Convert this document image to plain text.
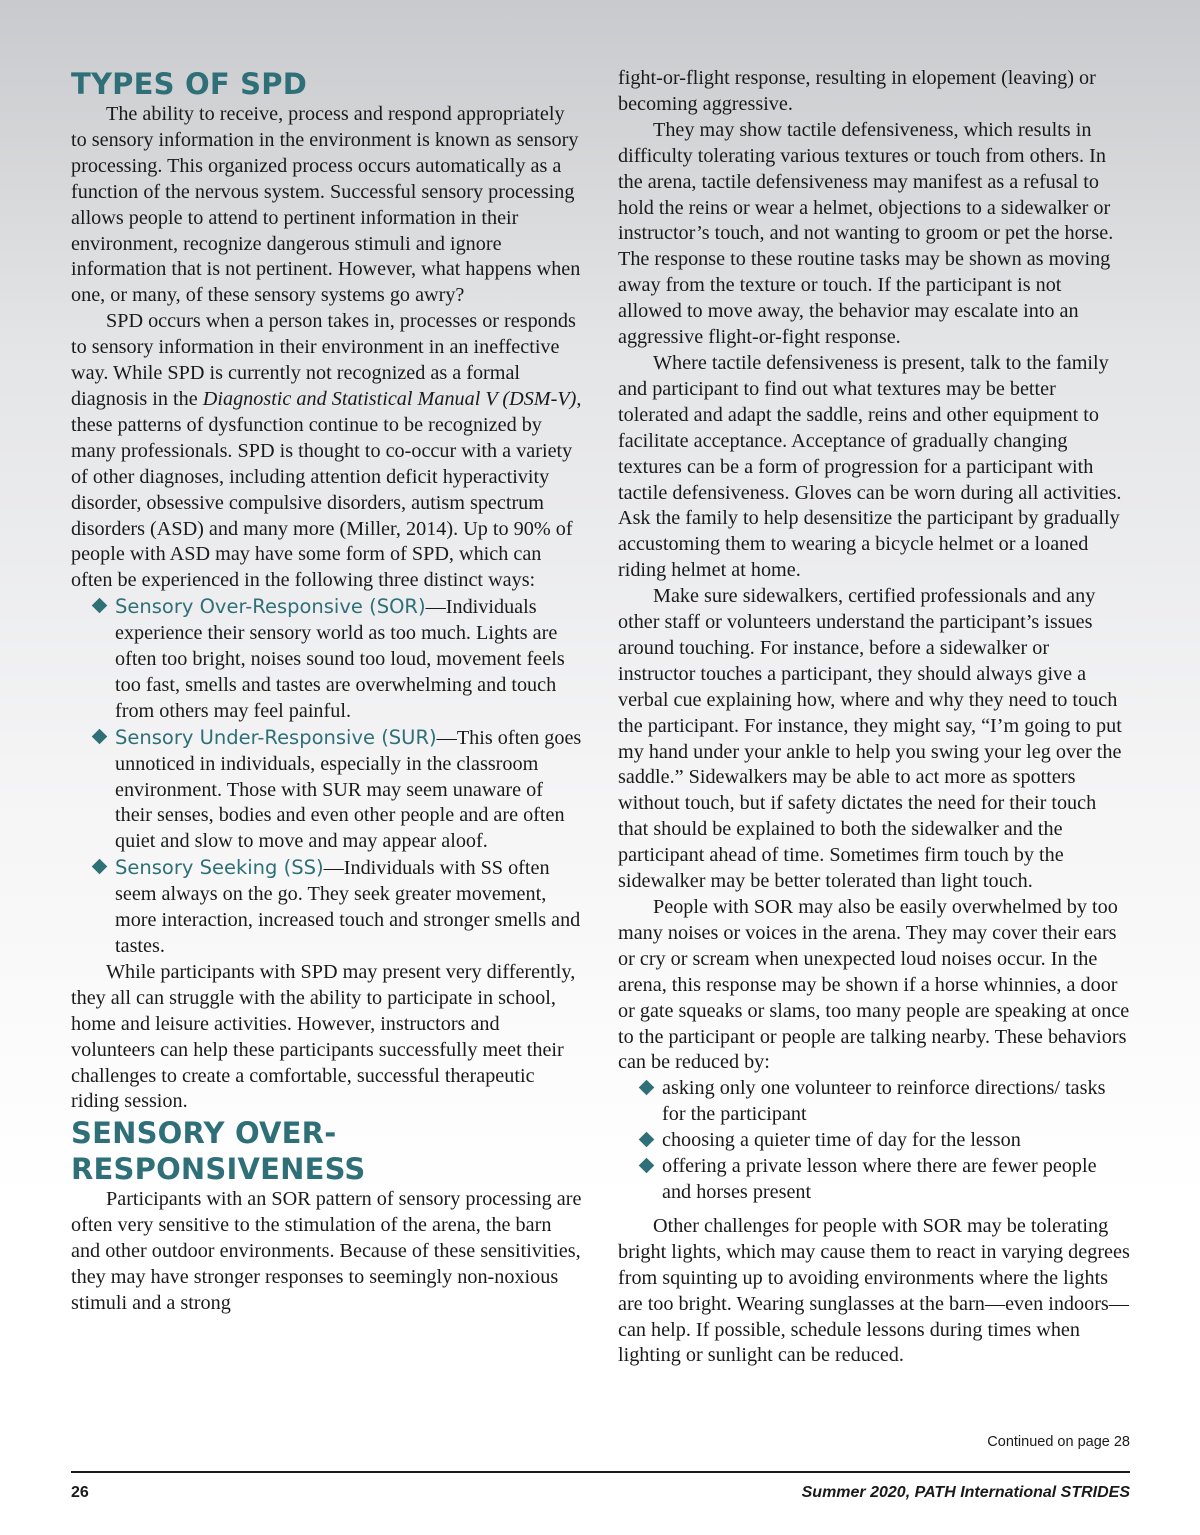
TYPES OF SPD

The ability to receive, process and respond appropriately to sensory information in the environment is known as sensory processing. This organized process occurs automatically as a function of the nervous system. Successful sensory processing allows people to attend to pertinent information in their environment, recognize dangerous stimuli and ignore information that is not pertinent. However, what happens when one, or many, of these sensory systems go awry?

SPD occurs when a person takes in, processes or responds to sensory information in their environment in an ineffective way. While SPD is currently not recognized as a formal diagnosis in the Diagnostic and Statistical Manual V (DSM-V), these patterns of dysfunction continue to be recognized by many professionals. SPD is thought to co-occur with a variety of other diagnoses, including attention deficit hyperactivity disorder, obsessive compulsive disorders, autism spectrum disorders (ASD) and many more (Miller, 2014). Up to 90% of people with ASD may have some form of SPD, which can often be experienced in the following three distinct ways:

Sensory Over-Responsive (SOR)—Individuals experience their sensory world as too much. Lights are often too bright, noises sound too loud, movement feels too fast, smells and tastes are overwhelming and touch from others may feel painful.
Sensory Under-Responsive (SUR)—This often goes unnoticed in individuals, especially in the classroom environment. Those with SUR may seem unaware of their senses, bodies and even other people and are often quiet and slow to move and may appear aloof.
Sensory Seeking (SS)—Individuals with SS often seem always on the go. They seek greater movement, more interaction, increased touch and stronger smells and tastes.

While participants with SPD may present very differently, they all can struggle with the ability to participate in school, home and leisure activities. However, instructors and volunteers can help these participants successfully meet their challenges to create a comfortable, successful therapeutic riding session.

SENSORY OVER-RESPONSIVENESS

Participants with an SOR pattern of sensory processing are often very sensitive to the stimulation of the arena, the barn and other outdoor environments. Because of these sensitivities, they may have stronger responses to seemingly non-noxious stimuli and a strong

fight-or-flight response, resulting in elopement (leaving) or becoming aggressive.

They may show tactile defensiveness, which results in difficulty tolerating various textures or touch from others. In the arena, tactile defensiveness may manifest as a refusal to hold the reins or wear a helmet, objections to a sidewalker or instructor’s touch, and not wanting to groom or pet the horse. The response to these routine tasks may be shown as moving away from the texture or touch. If the participant is not allowed to move away, the behavior may escalate into an aggressive flight-or-fight response.

Where tactile defensiveness is present, talk to the family and participant to find out what textures may be better tolerated and adapt the saddle, reins and other equipment to facilitate acceptance. Acceptance of gradually changing textures can be a form of progression for a participant with tactile defensiveness. Gloves can be worn during all activities. Ask the family to help desensitize the participant by gradually accustoming them to wearing a bicycle helmet or a loaned riding helmet at home.

Make sure sidewalkers, certified professionals and any other staff or volunteers understand the participant’s issues around touching. For instance, before a sidewalker or instructor touches a participant, they should always give a verbal cue explaining how, where and why they need to touch the participant. For instance, they might say, “I’m going to put my hand under your ankle to help you swing your leg over the saddle.” Sidewalkers may be able to act more as spotters without touch, but if safety dictates the need for their touch that should be explained to both the sidewalker and the participant ahead of time. Sometimes firm touch by the sidewalker may be better tolerated than light touch.

People with SOR may also be easily overwhelmed by too many noises or voices in the arena. They may cover their ears or cry or scream when unexpected loud noises occur. In the arena, this response may be shown if a horse whinnies, a door or gate squeaks or slams, too many people are speaking at once to the participant or people are talking nearby. These behaviors can be reduced by:

asking only one volunteer to reinforce directions/ tasks for the participant
choosing a quieter time of day for the lesson
offering a private lesson where there are fewer people and horses present

Other challenges for people with SOR may be tolerating bright lights, which may cause them to react in varying degrees from squinting up to avoiding environments where the lights are too bright. Wearing sunglasses at the barn—even indoors—can help. If possible, schedule lessons during times when lighting or sunlight can be reduced.

Continued on page 28
26	Summer 2020, PATH International STRIDES
